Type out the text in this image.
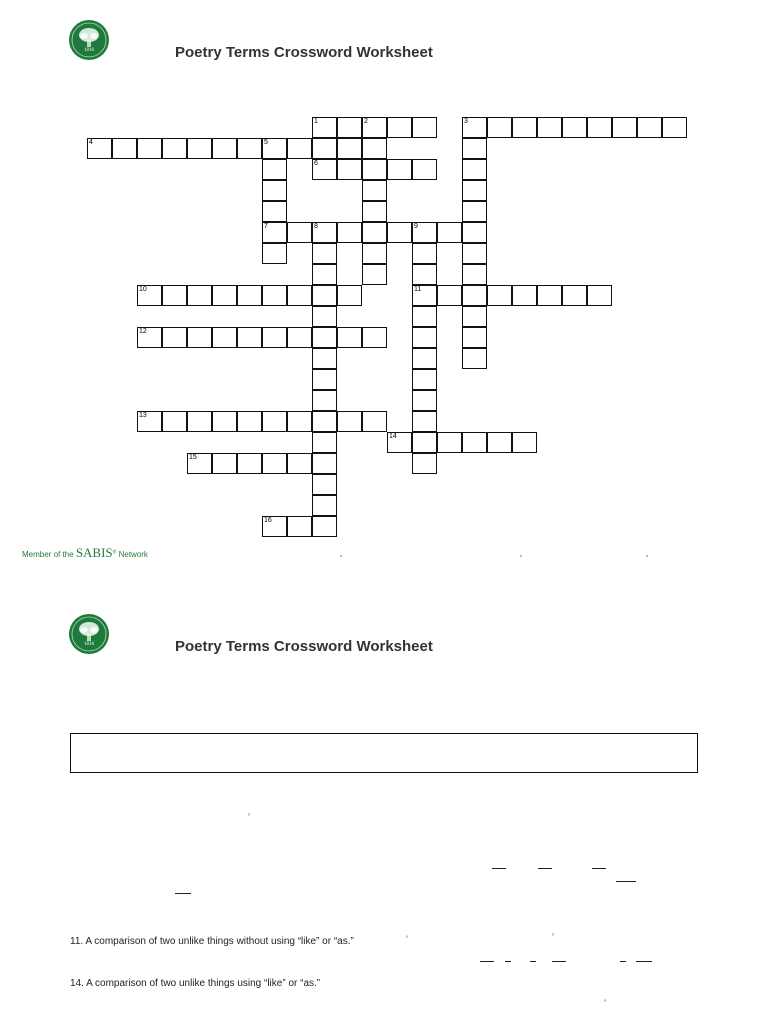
1816	Poetry Terms Crossword Worksheet
1	2	3
4	5
6
7	8	9
10	11
12
13
14
15
16
Member of the SABIS® Network	‚	‚	‚
1816	Poetry Terms Crossword Worksheet
’
11. A comparison of two unlike things without using “like” or “as.”	‘	’
14. A comparison of two unlike things using “like” or “as.”
’
